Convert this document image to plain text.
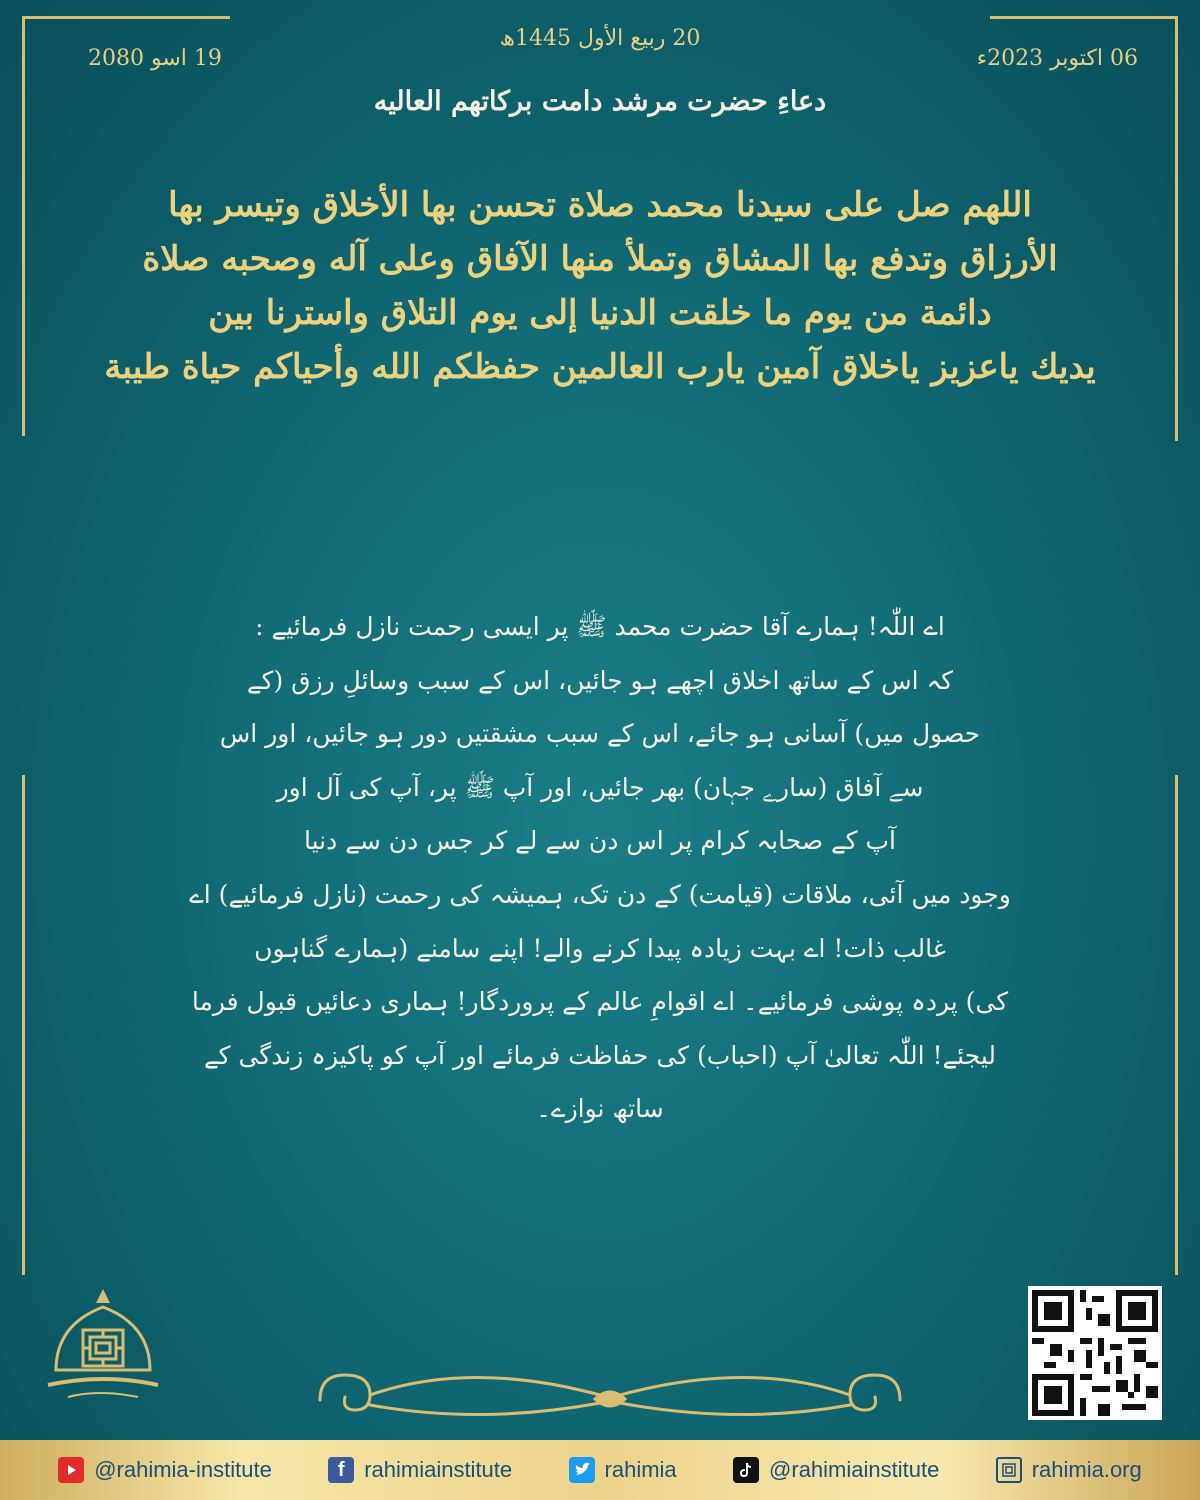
20 ربیع الأول 1445ھ
06 اکتوبر 2023ء
19 اسو 2080
دعاءِ حضرت مرشد دامت برکاتهم العالیه
اللهم صل علی سیدنا محمد صلاة تحسن بها الأخلاق وتیسر بها
الأرزاق وتدفع بها المشاق وتملأ منها الآفاق وعلی آله وصحبه صلاة
دائمة من یوم ما خلقت الدنیا إلی یوم التلاق واسترنا بین
یدیك یاعزیز یاخلاق آمین یارب العالمین حفظکم الله وأحیاکم حیاة طیبة
اے اللّٰہ! ہمارے آقا حضرت محمد ﷺ پر ایسی رحمت نازل فرمائیے :
کہ اس کے ساتھ اخلاق اچھے ہو جائیں، اس کے سبب وسائلِ رزق (کے
حصول میں) آسانی ہو جائے، اس کے سبب مشقتیں دور ہو جائیں، اور اس
سے آفاق (سارے جہان) بھر جائیں، اور آپ ﷺ پر، آپ کی آل اور
آپ کے صحابہ کرام پر اس دن سے لے کر جس دن سے دنیا
وجود میں آئی، ملاقات (قیامت) کے دن تک، ہمیشہ کی رحمت (نازل فرمائیے) اے
غالب ذات! اے بہت زیادہ پیدا کرنے والے! اپنے سامنے (ہمارے گناہوں
کی) پردہ پوشی فرمائیے۔ اے اقوامِ عالم کے پروردگار! ہماری دعائیں قبول فرما
لیجئے! اللّٰہ تعالیٰ آپ (احباب) کی حفاظت فرمائے اور آپ کو پاکیزہ زندگی کے
ساتھ نوازے۔
@rahimia-institute	f rahimiainstitute	rahimia	@rahimiainstitute	rahimia.org
